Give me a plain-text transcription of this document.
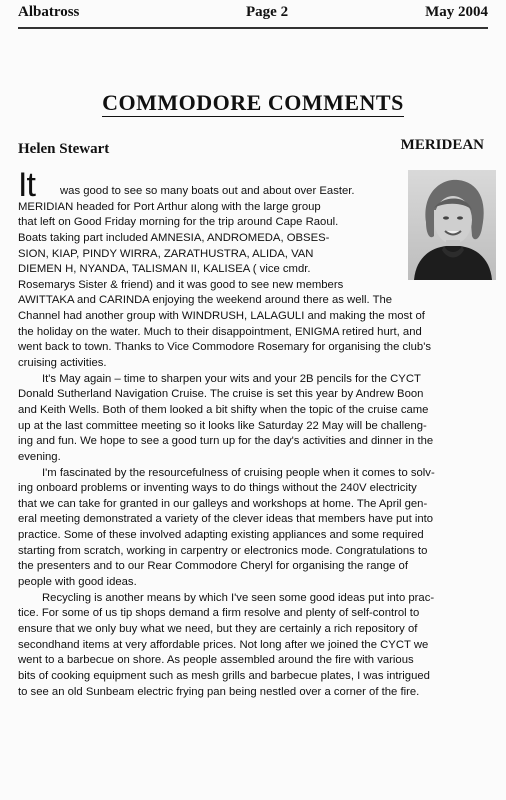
Albatross	Page 2	May 2004
COMMODORE COMMENTS
Helen Stewart	MERIDEAN
It	was good to see so many boats out and about over Easter.
MERIDIAN headed for Port Arthur along with the large group
that left on Good Friday morning for the trip around Cape Raoul.
Boats taking part included AMNESIA, ANDROMEDA, OBSES-
SION, KIAP, PINDY WIRRA, ZARATHUSTRA, ALIDA, VAN
DIEMEN H, NYANDA, TALISMAN II, KALISEA ( vice cmdr.
Rosemarys Sister & friend) and it was good to see new members
AWITTAKA and CARINDA enjoying the weekend around there as well. The
Channel had another group with WINDRUSH, LALAGULI and making the most of
the holiday on the water. Much to their disappointment, ENIGMA retired hurt, and
went back to town. Thanks to Vice Commodore Rosemary for organising the club's
cruising activities.
It's May again – time to sharpen your wits and your 2B pencils for the CYCT
Donald Sutherland Navigation Cruise. The cruise is set this year by Andrew Boon
and Keith Wells. Both of them looked a bit shifty when the topic of the cruise came
up at the last committee meeting so it looks like Saturday 22 May will be challeng-
ing and fun. We hope to see a good turn up for the day's activities and dinner in the
evening.
I'm fascinated by the resourcefulness of cruising people when it comes to solv-
ing onboard problems or inventing ways to do things without the 240V electricity
that we can take for granted in our galleys and workshops at home. The April gen-
eral meeting demonstrated a variety of the clever ideas that members have put into
practice. Some of these involved adapting existing appliances and some required
starting from scratch, working in carpentry or electronics mode. Congratulations to
the presenters and to our Rear Commodore Cheryl for organising the range of
people with good ideas.
Recycling is another means by which I've seen some good ideas put into prac-
tice. For some of us tip shops demand a firm resolve and plenty of self-control to
ensure that we only buy what we need, but they are certainly a rich repository of
secondhand items at very affordable prices. Not long after we joined the CYCT we
went to a barbecue on shore. As people assembled around the fire with various
bits of cooking equipment such as mesh grills and barbecue plates, I was intrigued
to see an old Sunbeam electric frying pan being nestled over a corner of the fire.
